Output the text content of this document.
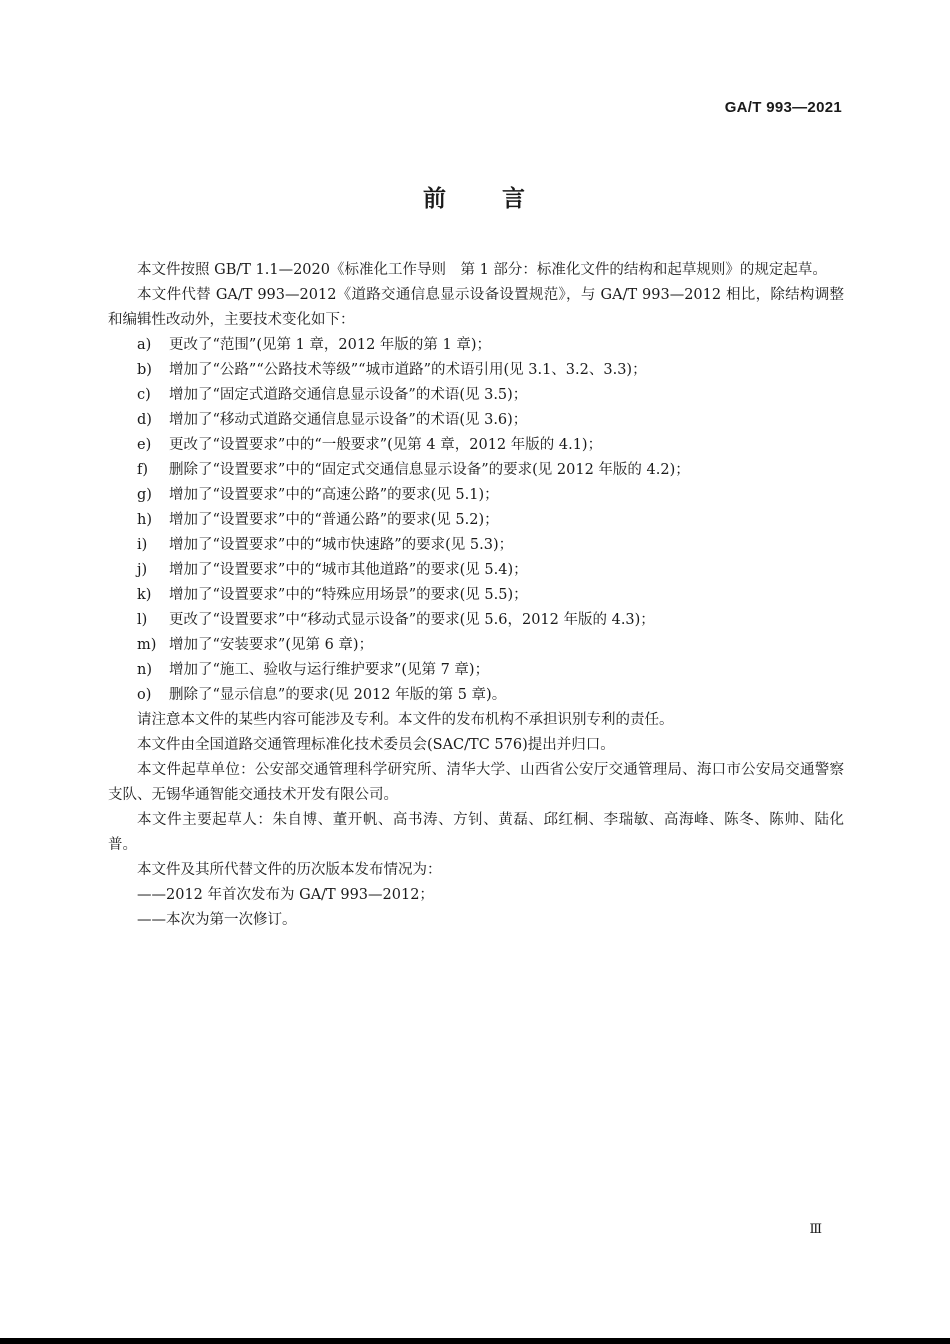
GA/T 993—2021
前 言

本文件按照 GB/T 1.1—2020《标准化工作导则　第 1 部分：标准化文件的结构和起草规则》的规定起草。

本文件代替 GA/T 993—2012《道路交通信息显示设备设置规范》，与 GA/T 993—2012 相比，除结构调整和编辑性改动外，主要技术变化如下：

a) 更改了“范围”(见第 1 章，2012 年版的第 1 章)；

b) 增加了“公路”“公路技术等级”“城市道路”的术语引用(见 3.1、3.2、3.3)；

c) 增加了“固定式道路交通信息显示设备”的术语(见 3.5)；

d) 增加了“移动式道路交通信息显示设备”的术语(见 3.6)；

e) 更改了“设置要求”中的“一般要求”(见第 4 章，2012 年版的 4.1)；

f) 删除了“设置要求”中的“固定式交通信息显示设备”的要求(见 2012 年版的 4.2)；

g) 增加了“设置要求”中的“高速公路”的要求(见 5.1)；

h) 增加了“设置要求”中的“普通公路”的要求(见 5.2)；

i) 增加了“设置要求”中的“城市快速路”的要求(见 5.3)；

j) 增加了“设置要求”中的“城市其他道路”的要求(见 5.4)；

k) 增加了“设置要求”中的“特殊应用场景”的要求(见 5.5)；

l) 更改了“设置要求”中“移动式显示设备”的要求(见 5.6，2012 年版的 4.3)；

m) 增加了“安装要求”(见第 6 章)；

n) 增加了“施工、验收与运行维护要求”(见第 7 章)；

o) 删除了“显示信息”的要求(见 2012 年版的第 5 章)。

请注意本文件的某些内容可能涉及专利。本文件的发布机构不承担识别专利的责任。

本文件由全国道路交通管理标准化技术委员会(SAC/TC 576)提出并归口。

本文件起草单位：公安部交通管理科学研究所、清华大学、山西省公安厅交通管理局、海口市公安局交通警察支队、无锡华通智能交通技术开发有限公司。

本文件主要起草人：朱自博、董开帆、高书涛、方钊、黄磊、邱红桐、李瑞敏、高海峰、陈冬、陈帅、陆化普。

本文件及其所代替文件的历次版本发布情况为：

——2012 年首次发布为 GA/T 993—2012；

——本次为第一次修订。

Ⅲ
